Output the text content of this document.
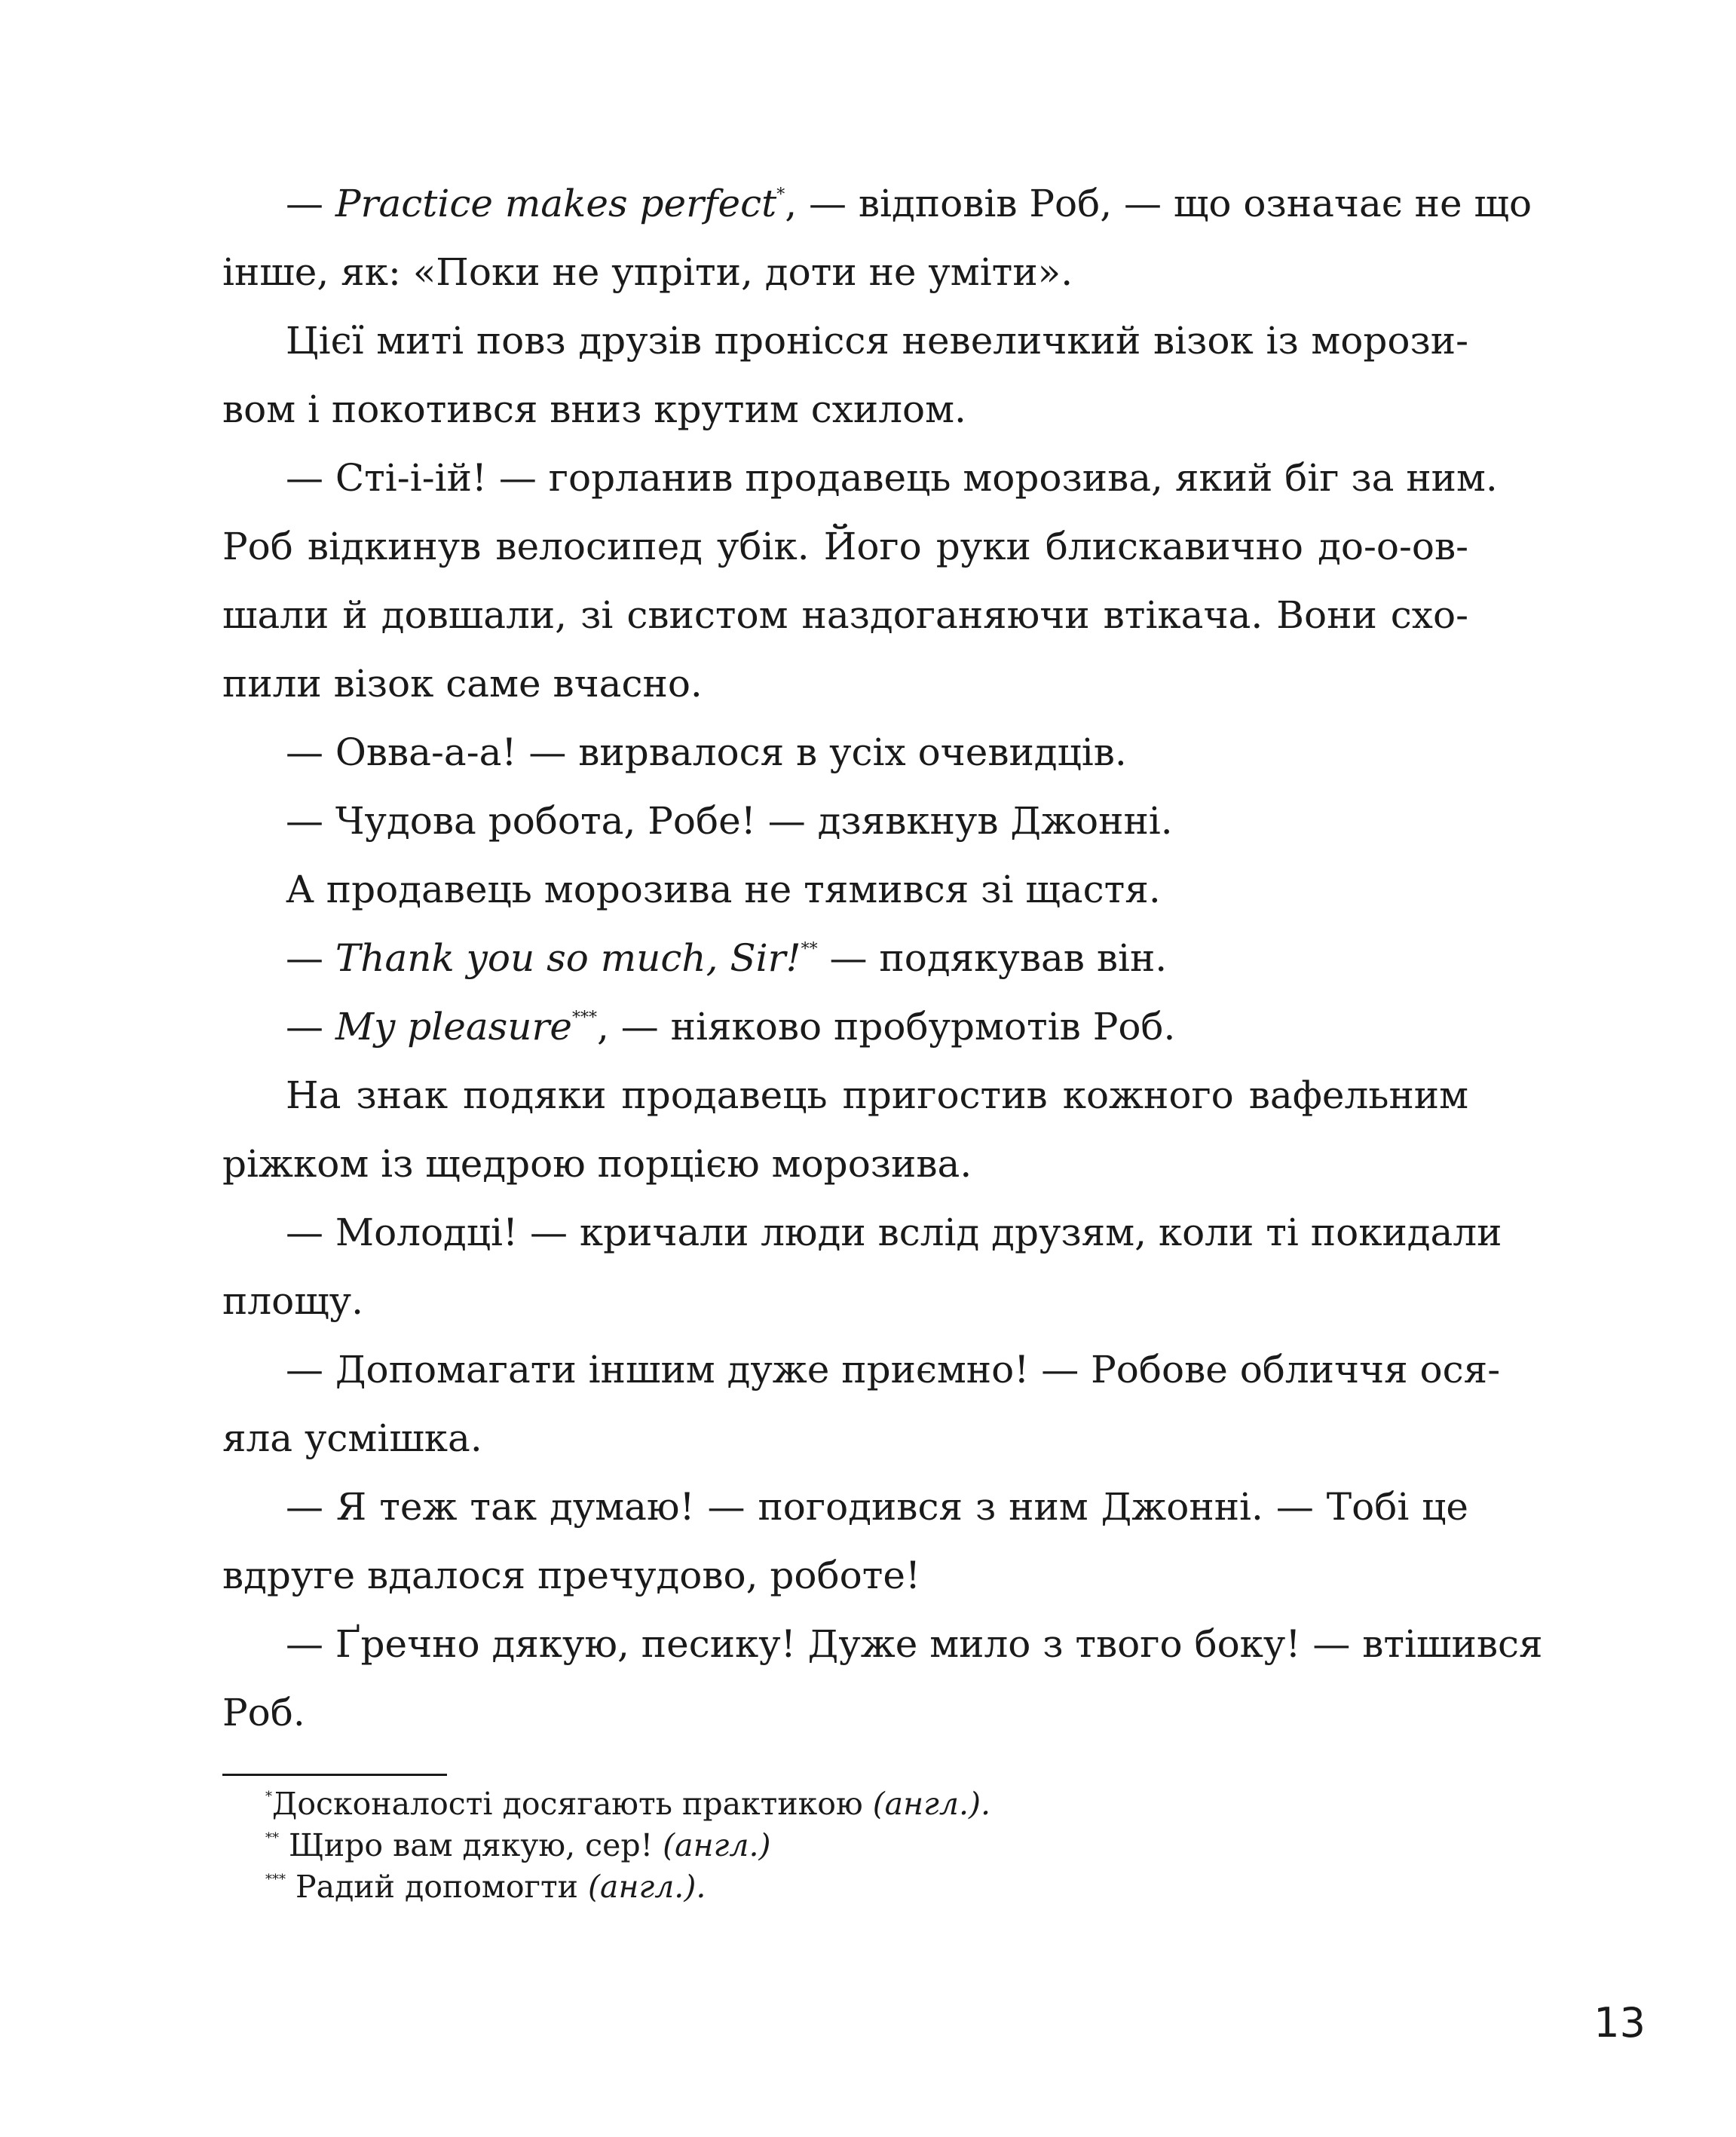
— Practice makes perfect*, — відповів Роб, — що означає не що
інше, як: «Поки не упріти, доти не уміти».
Цієї миті повз друзів пронісся невеличкий візок із морози-
вом і покотився вниз крутим схилом.
— Сті-і-ій! — горланив продавець морозива, який біг за ним.
Роб відкинув велосипед убік. Його руки блискавично до-о-ов-
шали й довшали, зі свистом наздоганяючи втікача. Вони схо-
пили візок саме вчасно.
— Овва-а-а! — вирвалося в усіх очевидців.
— Чудова робота, Робе! — дзявкнув Джонні.
А продавець морозива не тямився зі щастя.
— Thank you so much, Sir!** — подякував він.
— My pleasure***, — ніяково пробурмотів Роб.
На знак подяки продавець пригостив кожного вафельним
ріжком із щедрою порцією морозива.
— Молодці! — кричали люди вслід друзям, коли ті покидали
площу.
— Допомагати іншим дуже приємно! — Робове обличчя ося-
яла усмішка.
— Я теж так думаю! — погодився з ним Джонні. — Тобі це
вдруге вдалося пречудово, роботе!
— Ґречно дякую, песику! Дуже мило з твого боку! — втішився
Роб.
*Досконалості досягають практикою (англ.).
** Щиро вам дякую, сер! (англ.)
*** Радий допомогти (англ.).
13
